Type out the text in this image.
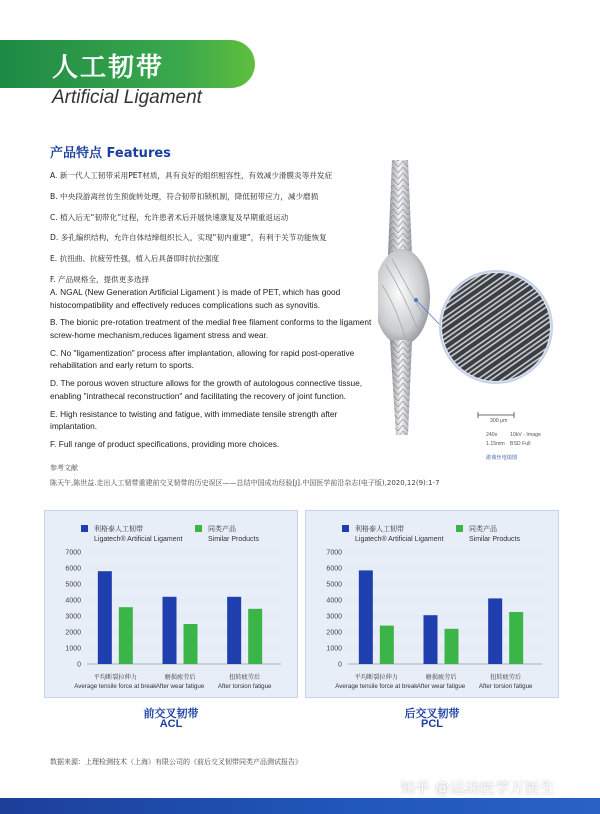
人工韧带
Artificial Ligament
产品特点 Features
A. 新一代人工韧带采用PET材质，具有良好的组织相容性，有效减少滑膜炎等并发症
B. 中央段游离丝仿生预旋转处理，符合韧带扣锁机制，降低韧带应力，减少磨损
C. 植入后无“韧带化”过程，允许患者术后开展快速康复及早期重返运动
D. 多孔编织结构，允许自体结缔组织长入，实现“韧内重建”，有利于关节功能恢复
E. 抗扭曲、抗疲劳性强，植入后具备即时抗拉强度
F. 产品规格全，提供更多选择
A. NGAL (New Generation Artificial Ligament ) is made of PET, which has good histocompatibility and effectively reduces complications such as synovitis.
B. The bionic pre-rotation treatment of the medial free filament conforms to the ligament screw-home mechanism,reduces ligament stress and wear.
C. No "ligamentization" process after implantation, allowing for rapid post-operative rehabilitation and early return to sports.
D. The porous woven structure allows for the growth of autologous connective tissue, enabling "intrathecal reconstruction" and facilitating the recovery of joint function.
E. High resistance to twisting and fatigue, with immediate tensile strength after implantation.
F. Full range of product specifications, providing more choices.
300 μm
240x
1.15mm
10kV - Image
BSD Full
游离丝电镜图
参考文献
陈天午,陈世益.走出人工韧带重建前交叉韧带的历史误区——总结中国成功经验[J].中国医学前沿杂志(电子版),2020,12(9):1-7
利格泰人工韧带
Ligatech® Artificial Ligament
同类产品
Similar Products
7000
6000
5000
4000
3000
2000
1000
0
平均断裂拉伸力
Average tensile force at break
磨损疲劳后
After wear fatigue
扭转疲劳后
After torsion fatigue
前交叉韧带
ACL
利格泰人工韧带
Ligatech® Artificial Ligament
同类产品
Similar Products
7000
6000
5000
4000
3000
2000
1000
0
平均断裂拉伸力
Average tensile force at break
磨损疲劳后
After wear fatigue
扭转疲劳后
After torsion fatigue
后交叉韧带
PCL
数据来源：上理检测技术（上海）有限公司的《前后交叉韧带同类产品测试报告》
知乎 @运动医学万医生
